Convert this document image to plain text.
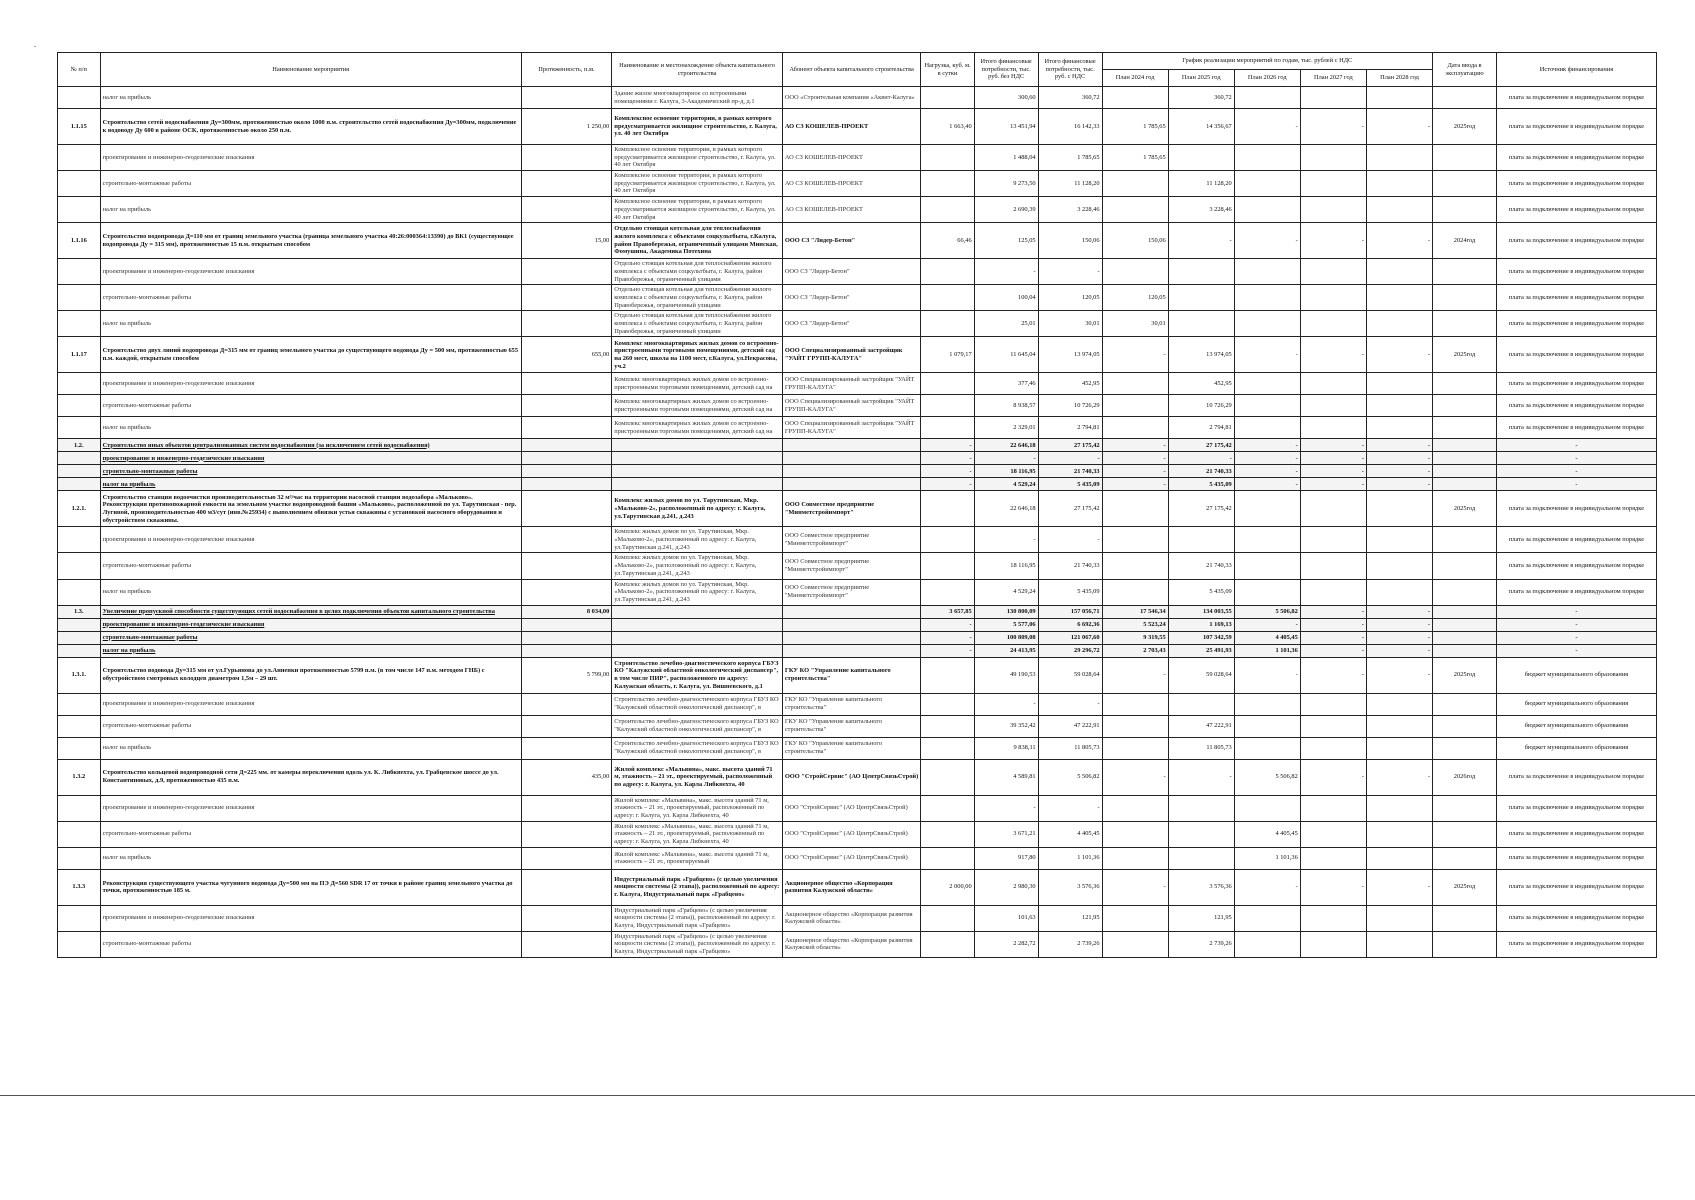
.
№ п/п	Наименование мероприятия	Протяженность, п.м.	Наименование и местонахождение объекта капитального строительства	Абонент объекта капитального строительства	Нагрузка, куб. м. в сутки	Итого финансовые потребности, тыс. руб. без НДС	Итого финансовые потребности, тыс. руб. с НДС	График реализации мероприятий по годам, тыс. рублей с НДС					Дата ввода в эксплуатацию	Источник финансирования
								План 2024 год	План 2025 год	План 2026 год	План 2027 год	План 2028 год		
	налог на прибыль		Здание жилое многоквартирное со встроенными помещениями г. Калуга, 3-Академический пр-д, д.1	ООО «Строительная компания «Аквит-Калуга»		300,60	360,72		360,72					плата за подключение в индивидуальном порядке
1.1.15	Строительство сетей водоснабжения Ду=300мм, протяженностью около 1000 п.м. строительство сетей водоснабжения Ду=300мм, подключение к водоводу Ду 600 в районе ОСК, протяженностью около 250 п.м.	1 250,00	Комплексное освоение территории, в рамках которого предусматривается жилищное строительство, г. Калуга, ул. 40 лет Октября	АО СЗ КОШЕЛЕВ-ПРОЕКТ	1 663,40	13 451,94	16 142,33	1 785,65	14 356,67	-	-	-	2025год	плата за подключение в индивидуальном порядке
	проектирование и инженерно-геодезические изыскания		Комплексное освоение территории, в рамках которого предусматривается жилищное строительство, г. Калуга, ул. 40 лет Октября	АО СЗ КОШЕЛЕВ-ПРОЕКТ		1 488,04	1 785,65	1 785,65						плата за подключение в индивидуальном порядке
	строительно-монтажные работы		Комплексное освоение территории, в рамках которого предусматривается жилищное строительство, г. Калуга, ул. 40 лет Октября	АО СЗ КОШЕЛЕВ-ПРОЕКТ		9 273,50	11 128,20		11 128,20					плата за подключение в индивидуальном порядке
	налог на прибыль		Комплексное освоение территории, в рамках которого предусматривается жилищное строительство, г. Калуга, ул. 40 лет Октября	АО СЗ КОШЕЛЕВ-ПРОЕКТ		2 690,39	3 228,46		3 228,46					плата за подключение в индивидуальном порядке
1.1.16	Строительство водопровода Д=110 мм от границ земельного участка (граница земельного участка 40:26:000364:13390) до ВК1 (существующее водопровода Ду = 315 мм), протяженностью 15 п.м. открытым способом	15,00	Отдельно стоящая котельная для теплоснабжения жилого комплекса с объектами соцкультбыта, г.Калуга, район Правобережья, ограниченный улицами Минская, Фомушина, Академика Потехина	ООО СЗ "Лидер-Бетон"	66,46	125,05	150,06	150,06	-	-	-	-	2024год	плата за подключение в индивидуальном порядке
	проектирование и инженерно-геодезические изыскания		Отдельно стоящая котельная для теплоснабжения жилого комплекса с объектами соцкультбыта, г. Калуга, район Правобережья, ограниченный улицами	ООО СЗ "Лидер-Бетон"		-	-							плата за подключение в индивидуальном порядке
	строительно-монтажные работы		Отдельно стоящая котельная для теплоснабжения жилого комплекса с объектами соцкультбыта, г. Калуга, район Правобережья, ограниченный улицами	ООО СЗ "Лидер-Бетон"		100,04	120,05	120,05						плата за подключение в индивидуальном порядке
	налог на прибыль		Отдельно стоящая котельная для теплоснабжения жилого комплекса с объектами соцкультбыта, г. Калуга, район Правобережья, ограниченный улицами	ООО СЗ "Лидер-Бетон"		25,01	30,01	30,01						плата за подключение в индивидуальном порядке
1.1.17	Строительство двух линий водопровода Д=315 мм от границ земельного участка до существующего водовода Ду = 500 мм, протяженностью 655 п.м. каждой, открытым способом	655,00	Комплекс многоквартирных жилых домов со встроенно-пристроенными торговыми помещениями, детский сад на 260 мест, школа на 1100 мест, г.Калуга, ул.Некрасова, уч.2	ООО Специализированный застройщик "УАЙТ ГРУПП-КАЛУГА"	1 079,17	11 645,04	13 974,05	-	13 974,05	-	-	-	2025год	плата за подключение в индивидуальном порядке
	проектирование и инженерно-геодезические изыскания		Комплекс многоквартирных жилых домов со встроенно-пристроенными торговыми помещениями, детский сад на	ООО Специализированный застройщик "УАЙТ ГРУПП-КАЛУГА"		377,46	452,95		452,95					плата за подключение в индивидуальном порядке
	строительно-монтажные работы		Комплекс многоквартирных жилых домов со встроенно-пристроенными торговыми помещениями, детский сад на	ООО Специализированный застройщик "УАЙТ ГРУПП-КАЛУГА"		8 938,57	10 726,29		10 726,29					плата за подключение в индивидуальном порядке
	налог на прибыль		Комплекс многоквартирных жилых домов со встроенно-пристроенными торговыми помещениями, детский сад на	ООО Специализированный застройщик "УАЙТ ГРУПП-КАЛУГА"		2 329,01	2 794,81		2 794,81					плата за подключение в индивидуальном порядке
1.2.	Строительство иных объектов централизованных систем водоснабжения (за исключением сетей водоснабжения)				-	22 646,18	27 175,42	-	27 175,42	-	-	-		-
	проектирование и инженерно-геодезические изыскания				-	-	-	-	-	-	-	-		-
	строительно-монтажные работы				-	18 116,95	21 740,33	-	21 740,33	-	-	-		-
	налог на прибыль				-	4 529,24	5 435,09	-	5 435,09	-	-	-		-
1.2.1.	Строительство станции водоочистки производительностью 32 м³/час на территории насосной станции водозабора «Мальково». Реконструкция противопожарной емкости на земельном участке водопроводной башни «Мальково», расположенной по ул. Тарутинская - пер. Лугиной, производительностью 400 м3/сут (инв.№25934) с выполнением обвязки устья скважины с установкой насосного оборудования и обустройством скважины.		Комплекс жилых домов по ул. Тарутинская, Мкр. «Мальково-2», расположенный по адресу: г. Калуга, ул.Тарутинская д.241, д.243	ООО Совместное предприятие "Минметстройимпорт"		22 646,18	27 175,42		27 175,42				2025год	плата за подключение в индивидуальном порядке
	проектирование и инженерно-геодезические изыскания		Комплекс жилых домов по ул. Тарутинская, Мкр. «Мальково-2», расположенный по адресу: г. Калуга, ул.Тарутинская д.241, д.243	ООО Совместное предприятие "Минметстройимпорт"		-	-							плата за подключение в индивидуальном порядке
	строительно-монтажные работы		Комплекс жилых домов по ул. Тарутинская, Мкр. «Мальково-2», расположенный по адресу: г. Калуга, ул.Тарутинская д.241, д.243	ООО Совместное предприятие "Минметстройимпорт"		18 116,95	21 740,33		21 740,33					плата за подключение в индивидуальном порядке
	налог на прибыль		Комплекс жилых домов по ул. Тарутинская, Мкр. «Мальково-2», расположенный по адресу: г. Калуга, ул.Тарутинская д.241, д.243	ООО Совместное предприятие "Минметстройимпорт"		4 529,24	5 435,09		5 435,09					плата за подключение в индивидуальном порядке
1.3.	Увеличение пропускной способности существующих сетей водоснабжения в целях подключения объектов капитального строительства	8 034,00			3 657,85	130 800,09	157 056,71	17 546,34	134 003,55	5 506,82	-	-		-
	проектирование и инженерно-геодезические изыскания				-	5 577,06	6 692,36	5 523,24	1 169,13	-	-	-		-
	строительно-монтажные работы				-	100 809,08	121 067,60	9 319,55	107 342,59	4 405,45	-	-		-
	налог на прибыль				-	24 413,95	29 296,72	2 703,43	25 491,93	1 101,36	-	-		-
1.3.1.	Строительство водовода Ду=315 мм от ул.Гурьянова до ул.Анненки протяженностью 5799 п.м. (в том числе 147 п.м. методом ГНБ) с обустройством смотровых колодцев диаметром 1,5м – 29 шт.	5 799,00	Строительство лечебно-диагностического корпуса ГБУЗ КО "Калужский областной онкологический диспансер", в том числе ПИР", расположенного по адресу: Калужская область, г. Калуга, ул. Вишневского, д.1	ГКУ КО "Управление капитального строительства"		49 190,53	59 028,64	-	59 028,64	-	-	-	2025год	бюджет муниципального образования
	проектирование и инженерно-геодезические изыскания		Строительство лечебно-диагностического корпуса ГБУЗ КО "Калужский областной онкологический диспансер", в	ГКУ КО "Управление капитального строительства"		-	-							бюджет муниципального образования
	строительно-монтажные работы		Строительство лечебно-диагностического корпуса ГБУЗ КО "Калужский областной онкологический диспансер", в	ГКУ КО "Управление капитального строительства"		39 352,42	47 222,91		47 222,91					бюджет муниципального образования
	налог на прибыль		Строительство лечебно-диагностического корпуса ГБУЗ КО "Калужский областной онкологический диспансер", в	ГКУ КО "Управление капитального строительства"		9 838,11	11 805,73		11 805,73					бюджет муниципального образования
1.3.2	Строительство кольцевой водопроводной сети Д=225 мм. от камеры переключения вдоль ул. К. Либкнехта, ул. Грабцевское шоссе до ул. Константиновых, д.9, протяженностью 435 п.м.	435,00	Жилой комплекс «Мальвина», макс. высота зданий 71 м, этажность – 21 эт., проектируемый, расположенный по адресу: г. Калуга, ул. Карла Либкнехта, 40	ООО "СтройСервис" (АО ЦентрСвязьСтрой)		4 589,81	5 506,82	-	-	5 506,82	-	-	2026год	плата за подключение в индивидуальном порядке
	проектирование и инженерно-геодезические изыскания		Жилой комплекс «Мальвина», макс. высота зданий 71 м, этажность – 21 эт., проектируемый, расположенный по адресу: г. Калуга, ул. Карла Либкнехта, 40	ООО "СтройСервис" (АО ЦентрСвязьСтрой)		-	-							плата за подключение в индивидуальном порядке
	строительно-монтажные работы		Жилой комплекс «Мальвина», макс. высота зданий 71 м, этажность – 21 эт., проектируемый, расположенный по адресу: г. Калуга, ул. Карла Либкнехта, 40	ООО "СтройСервис" (АО ЦентрСвязьСтрой)		3 671,21	4 405,45			4 405,45				плата за подключение в индивидуальном порядке
	налог на прибыль		Жилой комплекс «Мальвина», макс. высота зданий 71 м, этажность – 21 эт., проектируемый	ООО "СтройСервис" (АО ЦентрСвязьСтрой)		917,80	1 101,36			1 101,36				плата за подключение в индивидуальном порядке
1.3.3	Реконструкция существующего участка чугунного водовода Ду=500 мм на ПЭ Д=560 SDR 17 от точки в районе границ земельного участка до точки, протяженностью 185 м.		Индустриальный парк «Грабцево» (с целью увеличения мощности системы (2 этапа)), расположенный по адресу: г. Калуга, Индустриальный парк «Грабцево»	Акционерное общество «Корпорация развития Калужской области»	2 000,00	2 980,30	3 576,36	-	3 576,36	-	-	-	2025год	плата за подключение в индивидуальном порядке
	проектирование и инженерно-геодезические изыскания		Индустриальный парк «Грабцево» (с целью увеличения мощности системы (2 этапа)), расположенный по адресу: г. Калуга, Индустриальный парк «Грабцево»	Акционерное общество «Корпорация развития Калужской области»		101,63	121,95		121,95					плата за подключение в индивидуальном порядке
	строительно-монтажные работы		Индустриальный парк «Грабцево» (с целью увеличения мощности системы (2 этапа)), расположенный по адресу: г. Калуга, Индустриальный парк «Грабцево»	Акционерное общество «Корпорация развития Калужской области»		2 282,72	2 739,26		2 739,26					плата за подключение в индивидуальном порядке
